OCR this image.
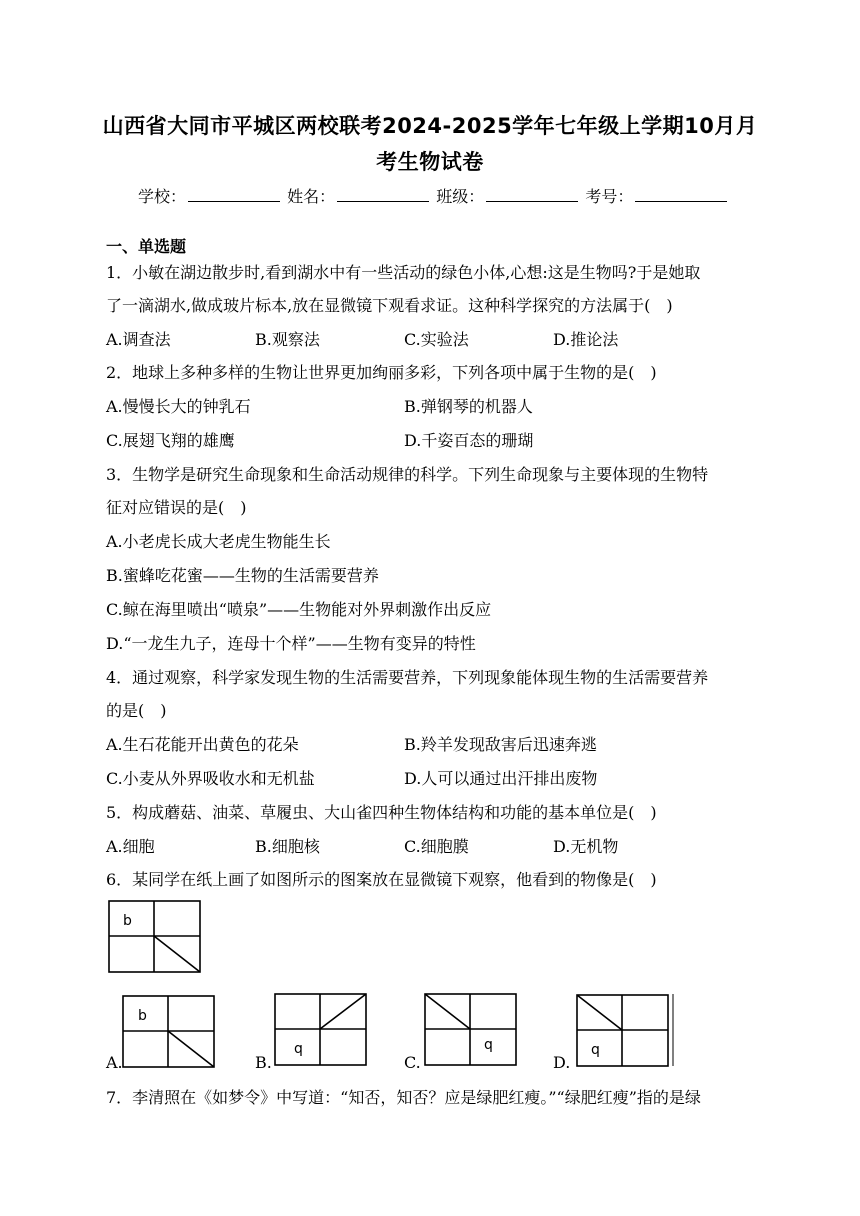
山西省大同市平城区两校联考2024-2025学年七年级上学期10月月
考生物试卷
学校：	姓名：	班级：	考号：
一、单选题
1．小敏在湖边散步时,看到湖水中有一些活动的绿色小体,心想:这是生物吗?于是她取
了一滴湖水,做成玻片标本,放在显微镜下观看求证。这种科学探究的方法属于(  )
A.调查法	B.观察法	C.实验法	D.推论法
2．地球上多种多样的生物让世界更加绚丽多彩，下列各项中属于生物的是(  )
A.慢慢长大的钟乳石	B.弹钢琴的机器人
C.展翅飞翔的雄鹰	D.千姿百态的珊瑚
3．生物学是研究生命现象和生命活动规律的科学。下列生命现象与主要体现的生物特
征对应错误的是(  )
A.小老虎长成大老虎生物能生长
B.蜜蜂吃花蜜——生物的生活需要营养
C.鲸在海里喷出“喷泉”——生物能对外界刺激作出反应
D.“一龙生九子，连母十个样”——生物有变异的特性
4．通过观察，科学家发现生物的生活需要营养，下列现象能体现生物的生活需要营养
的是(  )
A.生石花能开出黄色的花朵	B.羚羊发现敌害后迅速奔逃
C.小麦从外界吸收水和无机盐	D.人可以通过出汗排出废物
5．构成蘑菇、油菜、草履虫、大山雀四种生物体结构和功能的基本单位是(  )
A.细胞	B.细胞核	C.细胞膜	D.无机物
6．某同学在纸上画了如图所示的图案放在显微镜下观察，他看到的物像是(  )
b
A.
b
B.
q
C.
q
D.
q
7．李清照在《如梦令》中写道：“知否，知否？应是绿肥红瘦。”“绿肥红瘦”指的是绿
